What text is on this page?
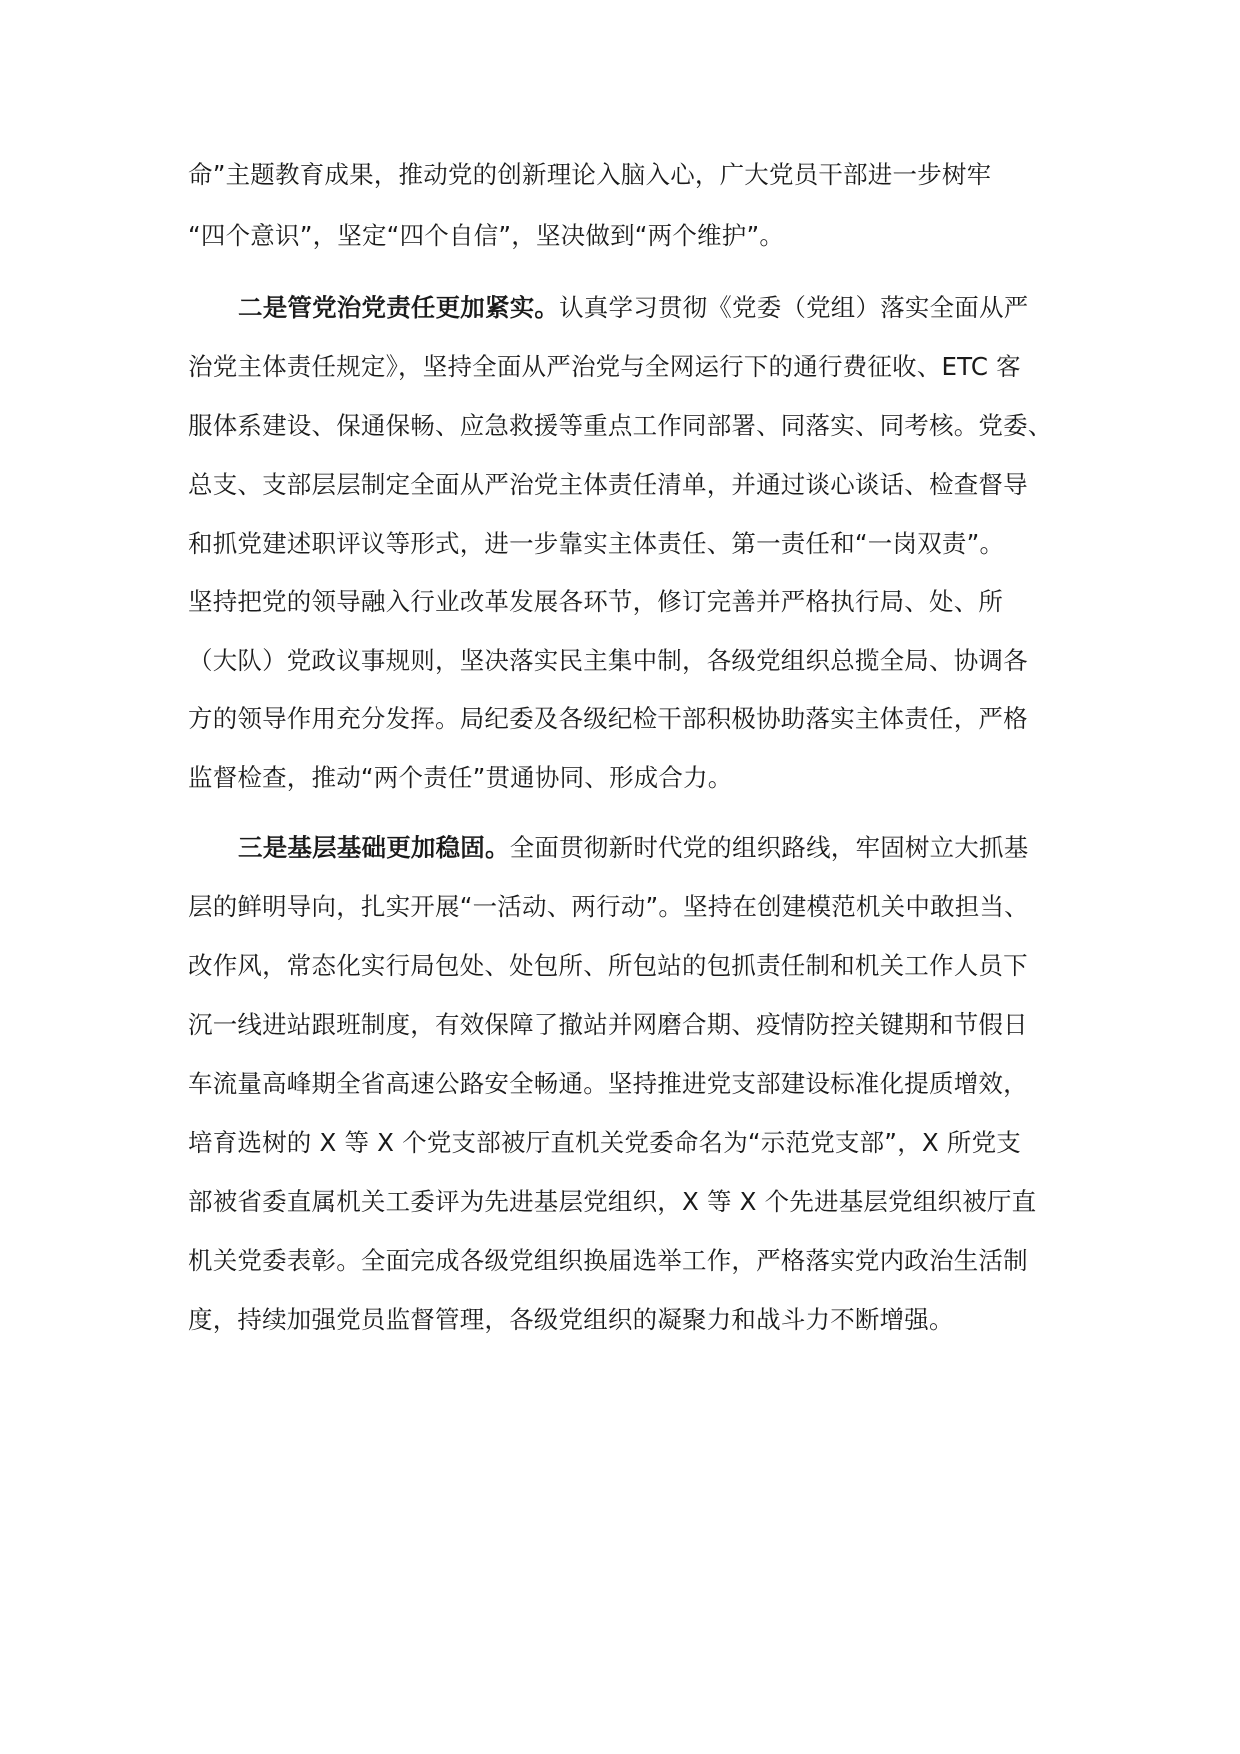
命”主题教育成果，推动党的创新理论入脑入心，广大党员干部进一步树牢
“四个意识”，坚定“四个自信”，坚决做到“两个维护”。
二是管党治党责任更加紧实。认真学习贯彻《党委（党组）落实全面从严
治党主体责任规定》，坚持全面从严治党与全网运行下的通行费征收、ETC 客
服体系建设、保通保畅、应急救援等重点工作同部署、同落实、同考核。党委、
总支、支部层层制定全面从严治党主体责任清单，并通过谈心谈话、检查督导
和抓党建述职评议等形式，进一步靠实主体责任、第一责任和“一岗双责”。
坚持把党的领导融入行业改革发展各环节，修订完善并严格执行局、处、所
（大队）党政议事规则，坚决落实民主集中制，各级党组织总揽全局、协调各
方的领导作用充分发挥。局纪委及各级纪检干部积极协助落实主体责任，严格
监督检查，推动“两个责任”贯通协同、形成合力。
三是基层基础更加稳固。全面贯彻新时代党的组织路线，牢固树立大抓基
层的鲜明导向，扎实开展“一活动、两行动”。坚持在创建模范机关中敢担当、
改作风，常态化实行局包处、处包所、所包站的包抓责任制和机关工作人员下
沉一线进站跟班制度，有效保障了撤站并网磨合期、疫情防控关键期和节假日
车流量高峰期全省高速公路安全畅通。坚持推进党支部建设标准化提质增效，
培育选树的 X 等 X 个党支部被厅直机关党委命名为“示范党支部”，X 所党支
部被省委直属机关工委评为先进基层党组织，X 等 X 个先进基层党组织被厅直
机关党委表彰。全面完成各级党组织换届选举工作，严格落实党内政治生活制
度，持续加强党员监督管理，各级党组织的凝聚力和战斗力不断增强。
